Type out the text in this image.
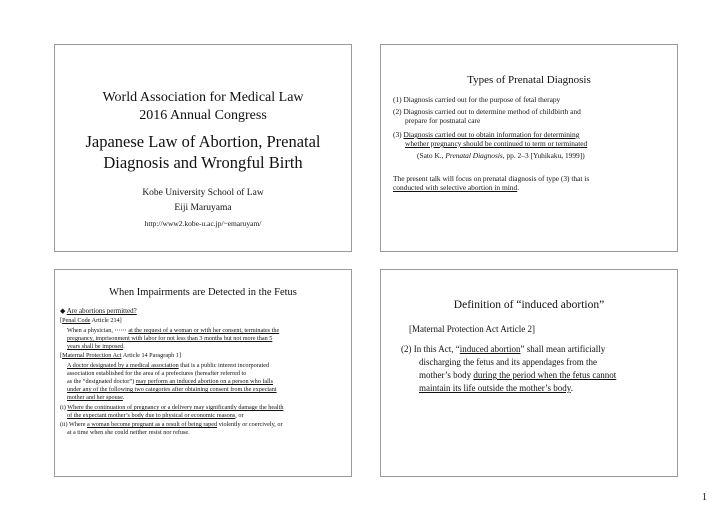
World Association for Medical Law

2016 Annual Congress

Japanese Law of Abortion, Prenatal

Diagnosis and Wrongful Birth

Kobe University School of Law

Eiji Maruyama

http://www2.kobe-u.ac.jp/~emaruyam/

Types of Prenatal Diagnosis

(1) Diagnosis carried out for the purpose of fetal therapy

(2) Diagnosis carried out to determine method of childbirth and

prepare for postnatal care

(3) Diagnosis carried out to obtain information for determining

whether pregnancy should be continued to term or terminated

(Sato K., Prenatal Diagnosis, pp. 2–3 [Yuhikaku, 1999])

The present talk will focus on prenatal diagnosis of type (3) that is

conducted with selective abortion in mind.

When Impairments are Detected in the Fetus

◆ Are abortions permitted?

[Penal Code Article 214]

When a physician, ⋯⋯ at the request of a woman or with her consent, terminates the

pregnancy, imprisonment with labor for not less than 3 months but not more than 5

years shall be imposed.

[Maternal Protection Act Article 14 Paragraph 1]

A doctor designated by a medical association that is a public interest incorporated

association established for the area of a prefectures (hereafter referred to

as the “designated doctor”) may perform an induced abortion on a person who falls

under any of the following two categories after obtaining consent from the expectant

mother and her spouse.

(i) Where the continuation of pregnancy or a delivery may significantly damage the health

of the expectant mother’s body due to physical or economic reasons, or

(ii) Where a woman become pregnant as a result of being raped violently or coercively, or

at a time when she could neither resist nor refuse.

Definition of “induced abortion”

[Maternal Protection Act Article 2]

(2) In this Act, “induced abortion” shall mean artificially

discharging the fetus and its appendages from the

mother’s body during the period when the fetus cannot

maintain its life outside the mother’s body.

1
